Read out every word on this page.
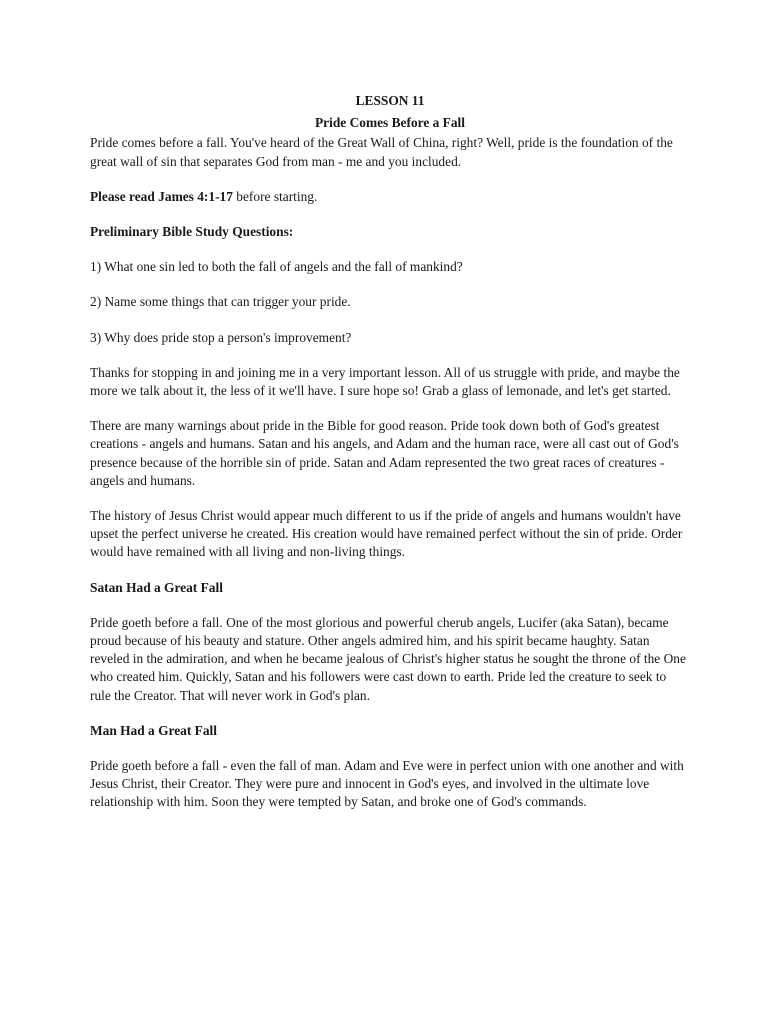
LESSON 11

Pride Comes Before a Fall

Pride comes before a fall. You've heard of the Great Wall of China, right? Well, pride is the foundation of the great wall of sin that separates God from man - me and you included.

Please read James 4:1-17 before starting.

Preliminary Bible Study Questions:

1) What one sin led to both the fall of angels and the fall of mankind?

2) Name some things that can trigger your pride.

3) Why does pride stop a person's improvement?

Thanks for stopping in and joining me in a very important lesson. All of us struggle with pride, and maybe the more we talk about it, the less of it we'll have. I sure hope so! Grab a glass of lemonade, and let's get started.

There are many warnings about pride in the Bible for good reason. Pride took down both of God's greatest creations - angels and humans. Satan and his angels, and Adam and the human race, were all cast out of God's presence because of the horrible sin of pride. Satan and Adam represented the two great races of creatures - angels and humans.

The history of Jesus Christ would appear much different to us if the pride of angels and humans wouldn't have upset the perfect universe he created. His creation would have remained perfect without the sin of pride. Order would have remained with all living and non-living things.

Satan Had a Great Fall

Pride goeth before a fall. One of the most glorious and powerful cherub angels, Lucifer (aka Satan), became proud because of his beauty and stature. Other angels admired him, and his spirit became haughty. Satan reveled in the admiration, and when he became jealous of Christ's higher status he sought the throne of the One who created him. Quickly, Satan and his followers were cast down to earth. Pride led the creature to seek to rule the Creator. That will never work in God's plan.

Man Had a Great Fall

Pride goeth before a fall - even the fall of man. Adam and Eve were in perfect union with one another and with Jesus Christ, their Creator. They were pure and innocent in God's eyes, and involved in the ultimate love relationship with him. Soon they were tempted by Satan, and broke one of God's commands.
